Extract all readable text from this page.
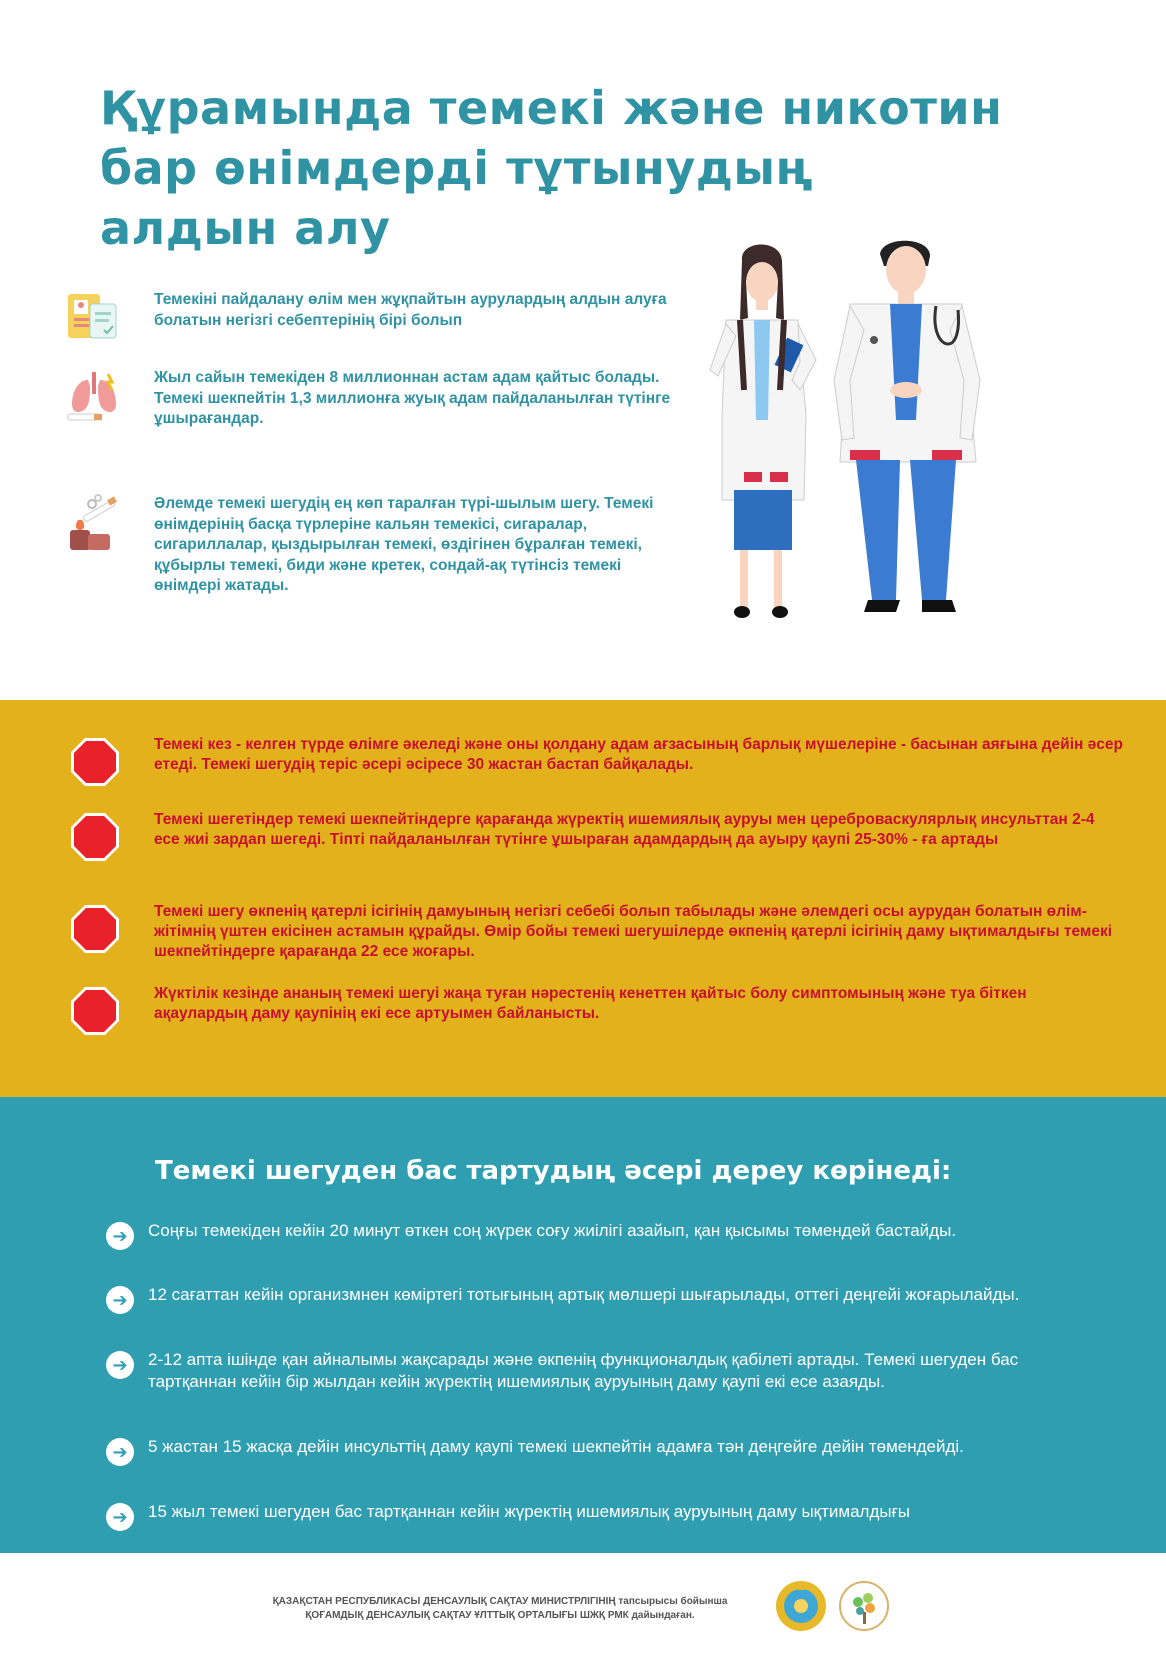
Құрамында темекі және никотин
бар өнімдерді тұтынудың
алдын алу
Темекіні пайдалану өлім мен жұқпайтын аурулардың алдын алуға болатын негізгі себептерінің бірі болып
Жыл сайын темекіден 8 миллионнан астам адам қайтыс болады. Темекі шекпейтін 1,3 миллионға жуық адам пайдаланылған түтінге ұшырағандар.
Әлемде темекі шегудің ең көп таралған түрі-шылым шегу. Темекі өнімдерінің басқа түрлеріне кальян темекісі, сигаралар, сигариллалар, қыздырылған темекі, өздігінен бұралған темекі, құбырлы темекі, биди және кретек, сондай-ақ түтінсіз темекі өнімдері жатады.
Темекі кез - келген түрде өлімге әкеледі және оны қолдану адам ағзасының барлық мүшелеріне - басынан аяғына дейін әсер етеді. Темекі шегудің теріс әсері әсіресе 30 жастан бастап байқалады.
Темекі шегетіндер темекі шекпейтіндерге қарағанда жүректің ишемиялық ауруы мен цереброваскулярлық инсульттан 2-4 есе жиі зардап шегеді. Тіпті пайдаланылған түтінге ұшыраған адамдардың да ауыру қаупі 25-30% - ға артады
Темекі шегу өкпенің қатерлі ісігінің дамуының негізгі себебі болып табылады және әлемдегі осы аурудан болатын өлім-жітімнің үштен екісінен астамын құрайды. Өмір бойы темекі шегушілерде өкпенің қатерлі ісігінің даму ықтималдығы темекі шекпейтіндерге қарағанда 22 есе жоғары.
Жүктілік кезінде ананың темекі шегуі жаңа туған нәрестенің кенеттен қайтыс болу симптомының және туа біткен ақаулардың даму қаупінің екі есе артуымен байланысты.
Темекі шегуден бас тартудың әсері дереу көрінеді:
➔	Соңғы темекіден кейін 20 минут өткен соң жүрек соғу жиілігі азайып, қан қысымы төмендей бастайды.
➔	12 сағаттан кейін организмнен көміртегі тотығының артық мөлшері шығарылады, оттегі деңгейі жоғарылайды.
➔	2-12 апта ішінде қан айналымы жақсарады және өкпенің функционалдық қабілеті артады. Темекі шегуден бас тартқаннан кейін бір жылдан кейін жүректің ишемиялық ауруының даму қаупі екі есе азаяды.
➔	5 жастан 15 жасқа дейін инсульттің даму қаупі темекі шекпейтін адамға тән деңгейге дейін төмендейді.
➔	15 жыл темекі шегуден бас тартқаннан кейін жүректің ишемиялық ауруының даму ықтималдығы
ҚАЗАҚСТАН РЕСПУБЛИКАСЫ ДЕНСАУЛЫҚ САҚТАУ МИНИСТРЛІГІНІҢ тапсырысы бойынша
ҚОҒАМДЫҚ ДЕНСАУЛЫҚ САҚТАУ ҰЛТТЫҚ ОРТАЛЫҒЫ ШЖҚ РМК дайындаған.
